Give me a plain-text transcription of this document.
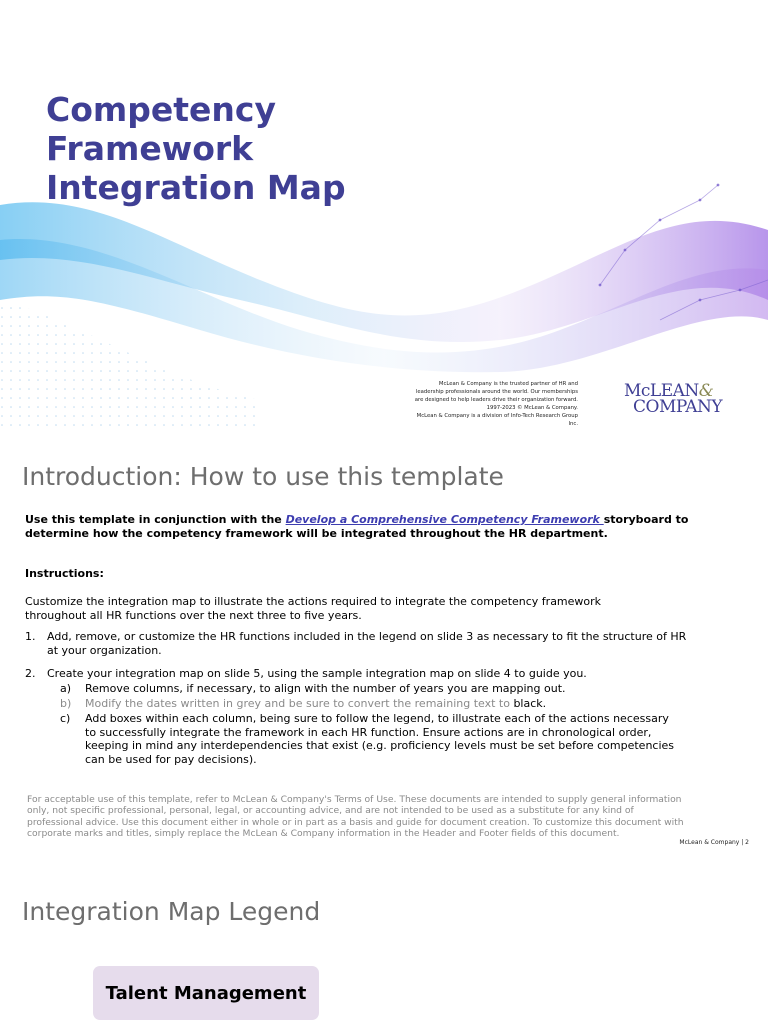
Competency
Framework
Integration Map
McLean & Company is the trusted partner of HR and
leadership professionals around the world. Our memberships
are designed to help leaders drive their organization forward.
1997-2023 © McLean & Company.
McLean & Company is a division of Info-Tech Research Group
Inc.
McLEAN&
COMPANY
Introduction: How to use this template
Use this template in conjunction with the Develop a Comprehensive Competency Framework storyboard to determine how the competency framework will be integrated throughout the HR department.
Instructions:
Customize the integration map to illustrate the actions required to integrate the competency framework throughout all HR functions over the next three to five years.
1. Add, remove, or customize the HR functions included in the legend on slide 3 as necessary to fit the structure of HR at your organization.
2. Create your integration map on slide 5, using the sample integration map on slide 4 to guide you.
a) Remove columns, if necessary, to align with the number of years you are mapping out.
b) Modify the dates written in grey and be sure to convert the remaining text to black.
c) Add boxes within each column, being sure to follow the legend, to illustrate each of the actions necessary to successfully integrate the framework in each HR function. Ensure actions are in chronological order, keeping in mind any interdependencies that exist (e.g. proficiency levels must be set before competencies can be used for pay decisions).
For acceptable use of this template, refer to McLean & Company's Terms of Use. These documents are intended to supply general information only, not specific professional, personal, legal, or accounting advice, and are not intended to be used as a substitute for any kind of professional advice. Use this document either in whole or in part as a basis and guide for document creation. To customize this document with corporate marks and titles, simply replace the McLean & Company information in the Header and Footer fields of this document.
McLean & Company | 2
Integration Map Legend
Talent Management
